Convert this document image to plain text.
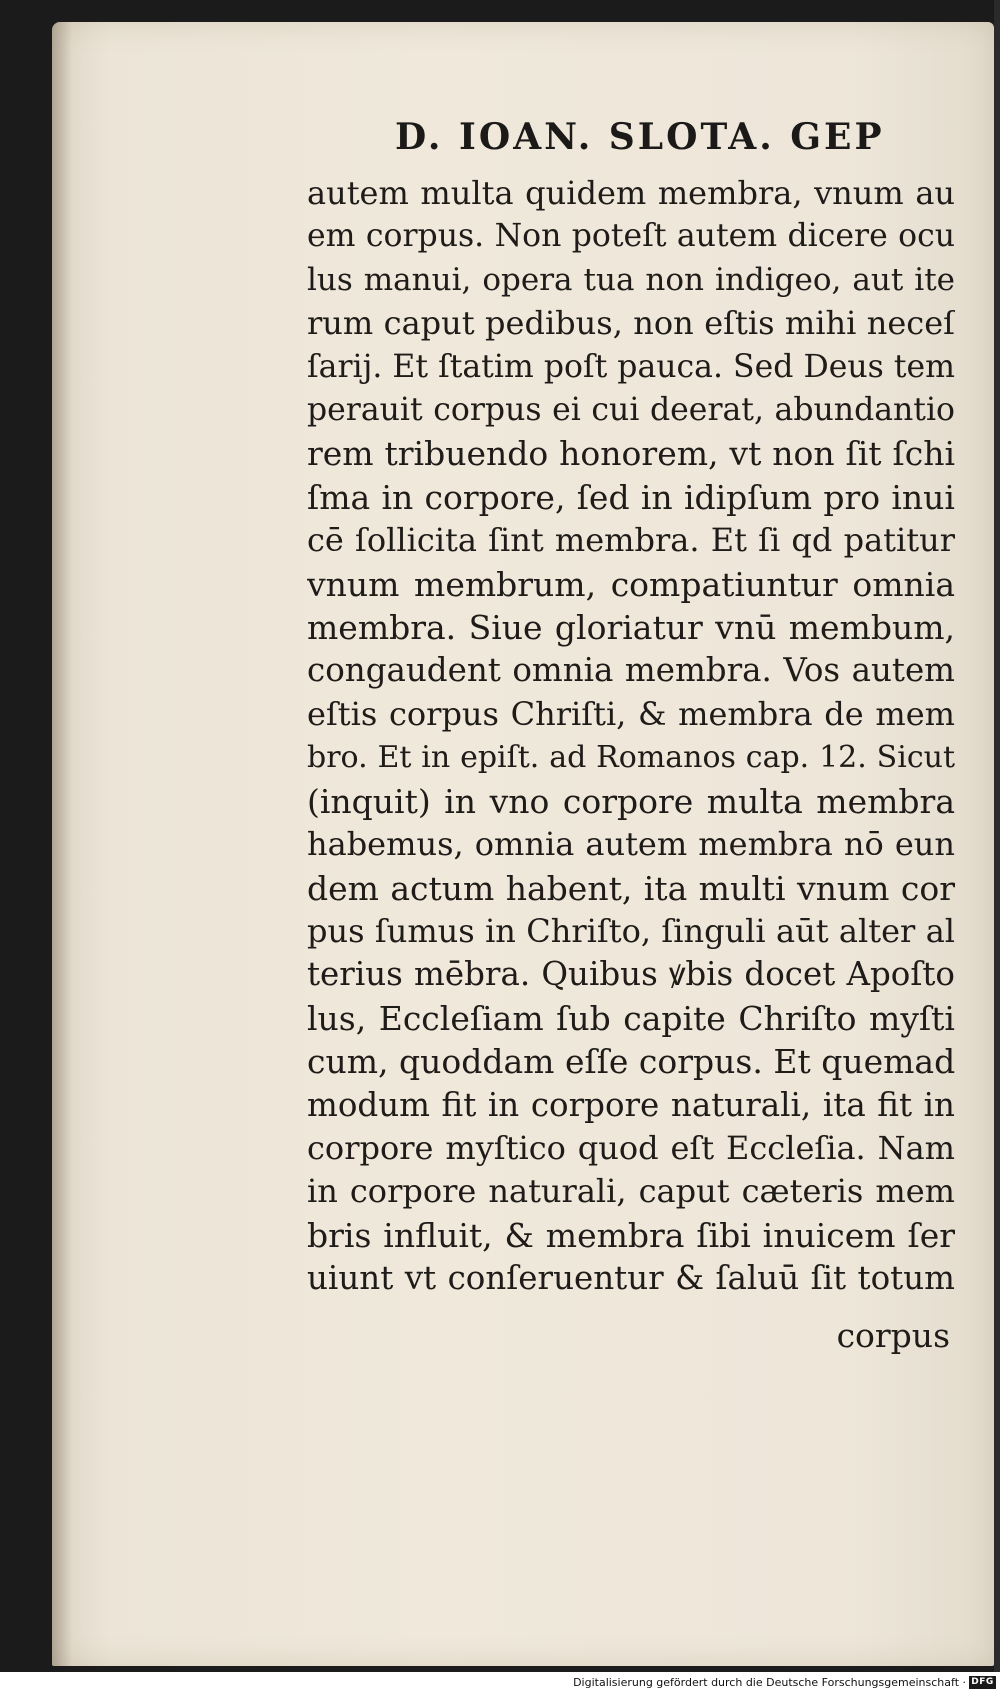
D. IOAN. SLOTA. GEP
autem multa quidem membra, vnum au
em corpus. Non poteſt autem dicere ocu
lus manui, opera tua non indigeo, aut ite
rum caput pedibus, non eſtis mihi neceſ
ſarij. Et ſtatim poſt pauca. Sed Deus tem
perauit corpus ei cui deerat, abundantio
rem tribuendo honorem, vt non ſit ſchi
ſma in corpore, ſed in idipſum pro inui
cē ſollicita ſint membra. Et ſi qd patitur
vnum membrum, compatiuntur omnia
membra. Siue gloriatur vnū membum,
congaudent omnia membra. Vos autem
eſtis corpus Chriſti, & membra de mem
bro. Et in epiſt. ad Romanos cap. 12. Sicut
(inquit) in vno corpore multa membra
habemus, omnia autem membra nō eun
dem actum habent, ita multi vnum cor
pus ſumus in Chriſto, ſinguli aūt alter al
terius mēbra. Quibus ꝟbis docet Apoſto
lus, Eccleſiam ſub capite Chriſto myſti
cum, quoddam eſſe corpus. Et quemad
modum fit in corpore naturali, ita fit in
corpore myſtico quod eſt Eccleſia. Nam
in corpore naturali, caput cæteris mem
bris influit, & membra ſibi inuicem ſer
uiunt vt conſeruentur & ſaluū ſit totum
corpus
Digitalisierung gefördert durch die Deutsche Forschungsgemeinschaft · DFG
